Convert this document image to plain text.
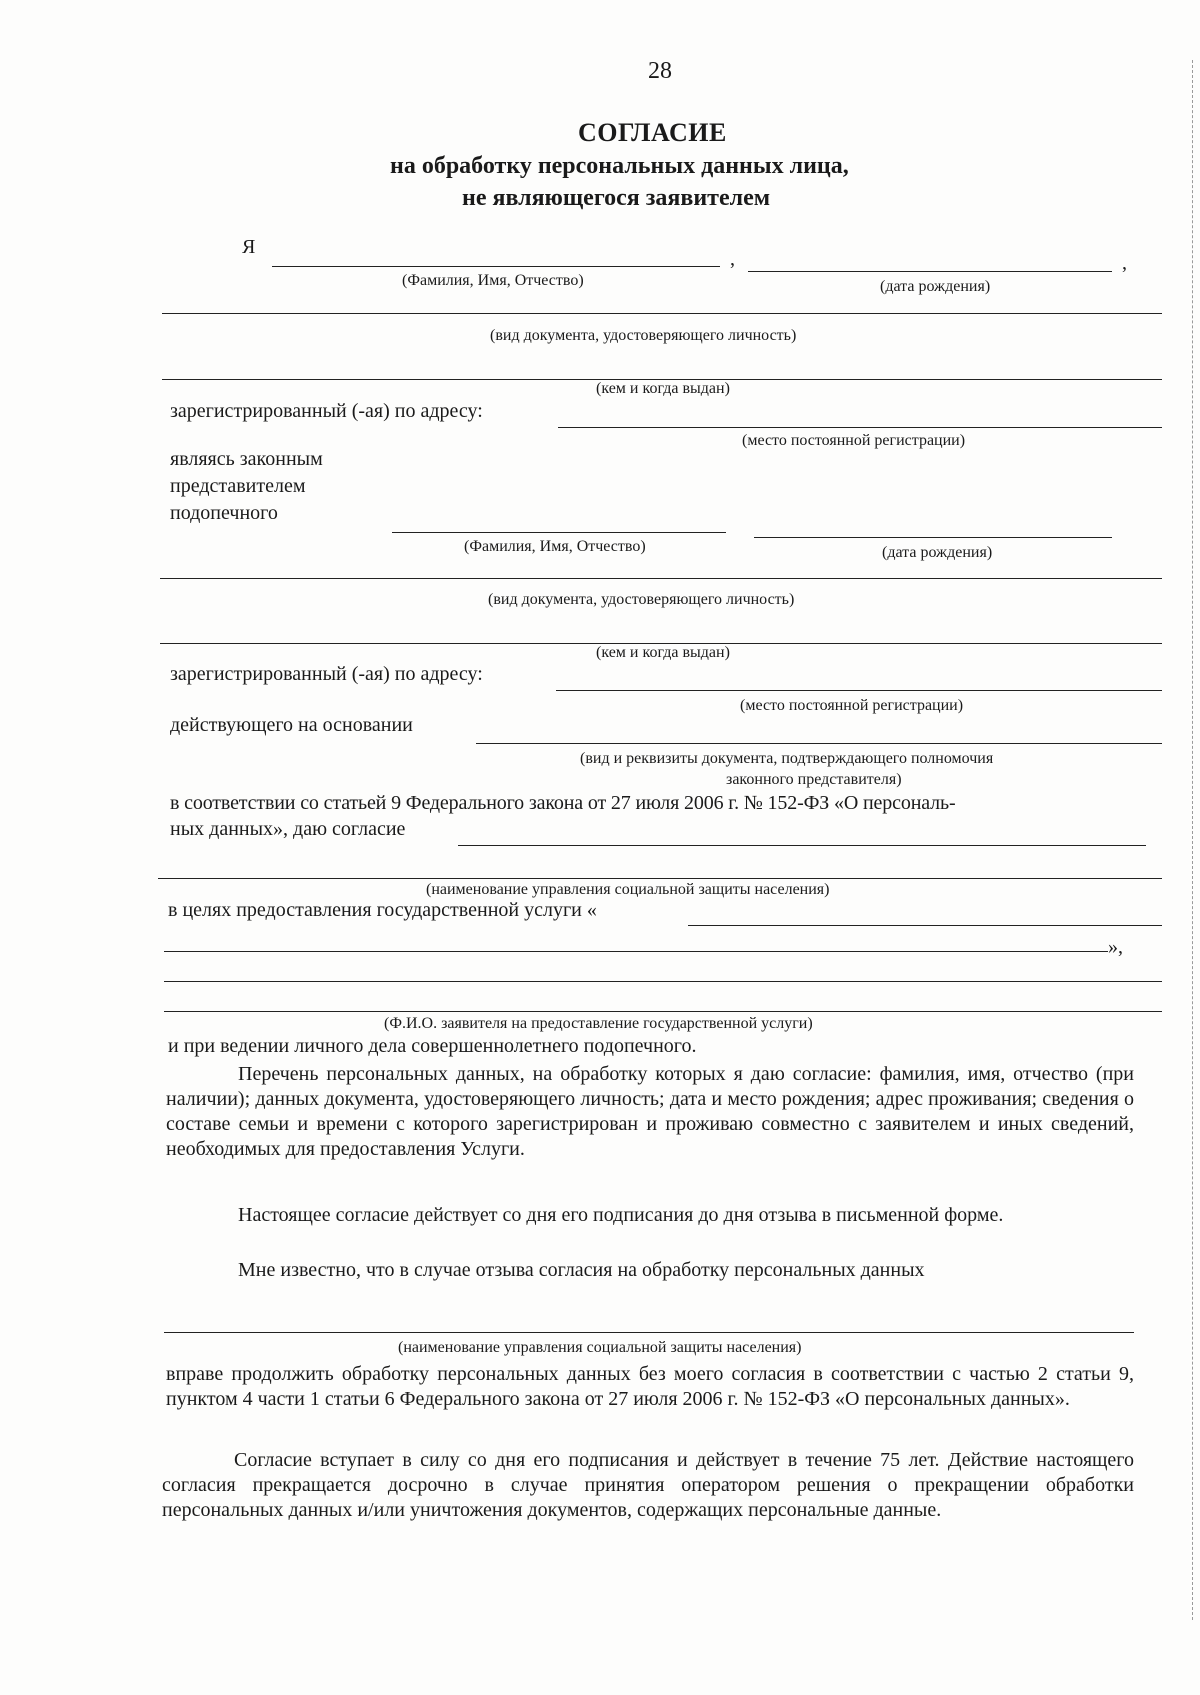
28
СОГЛАСИЕ
на обработку персональных данных лица,
не являющегося заявителем
Я
,	,
(Фамилия, Имя, Отчество)	(дата рождения)
(вид документа, удостоверяющего личность)
(кем и когда выдан)
зарегистрированный (-ая) по адресу:
(место постоянной регистрации)
являясь законным
представителем
подопечного
(Фамилия, Имя, Отчество)	(дата рождения)
(вид документа, удостоверяющего личность)
(кем и когда выдан)
зарегистрированный (-ая) по адресу:
(место постоянной регистрации)
действующего на основании
(вид и реквизиты документа, подтверждающего полномочия
законного представителя)
в соответствии со статьей 9 Федерального закона от 27 июля 2006 г. № 152-ФЗ «О персональ-
ных данных», даю согласие
(наименование управления социальной защиты населения)
в целях предоставления государственной услуги «
»,
(Ф.И.О. заявителя на предоставление государственной услуги)
и при ведении личного дела совершеннолетнего подопечного.
Перечень персональных данных, на обработку которых я даю согласие: фамилия, имя, отчество (при наличии); данных документа, удостоверяющего личность; дата и место рождения; адрес проживания; сведения о составе семьи и времени с которого зарегистрирован и проживаю совместно с заявителем и иных сведений, необходимых для предоставления Услуги.
Настоящее согласие действует со дня его подписания до дня отзыва в письменной форме.
Мне известно, что в случае отзыва согласия на обработку персональных данных
(наименование управления социальной защиты населения)
вправе продолжить обработку персональных данных без моего согласия в соответствии с частью 2 статьи 9, пунктом 4 части 1 статьи 6 Федерального закона от 27 июля 2006 г. № 152-ФЗ «О персональных данных».
Согласие вступает в силу со дня его подписания и действует в течение 75 лет. Действие настоящего согласия прекращается досрочно в случае принятия оператором решения о прекращении обработки персональных данных и/или уничтожения документов, содержащих персональные данные.
